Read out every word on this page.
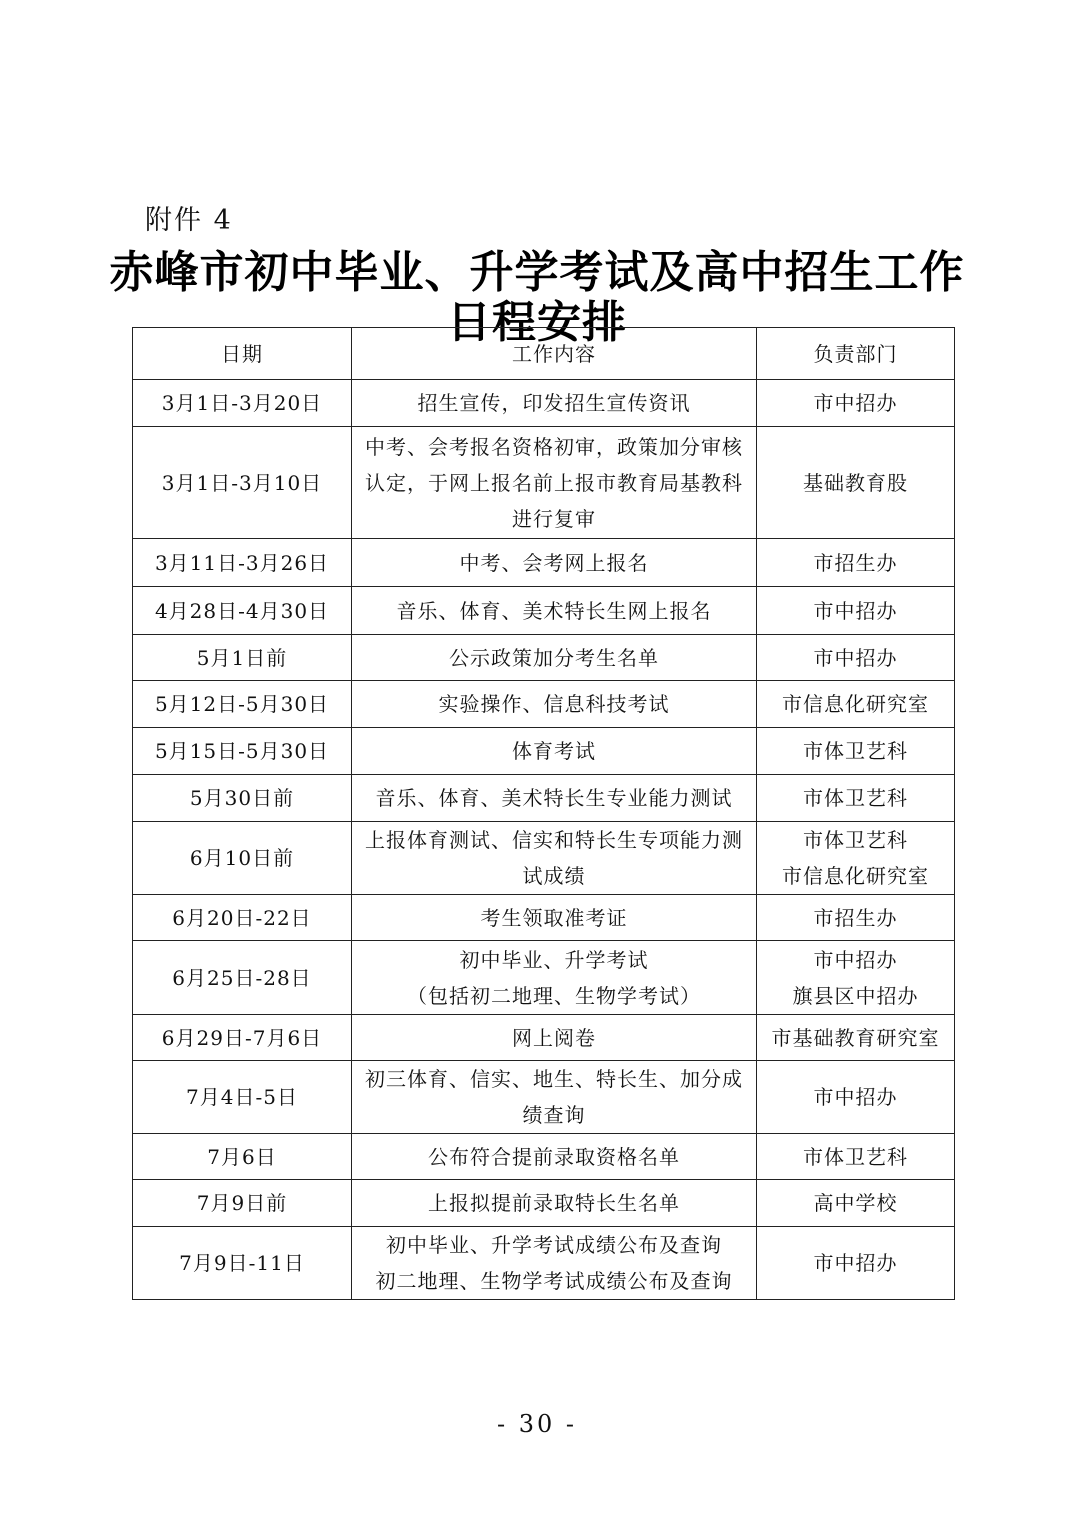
附件 4
赤峰市初中毕业、升学考试及高中招生工作
日程安排
日期	工作内容	负责部门
3月1日-3月20日	招生宣传，印发招生宣传资讯	市中招办

3月1日-3月10日	中考、会考报名资格初审，政策加分审核
认定，于网上报名前上报市教育局基教科
进行复审	基础教育股

3月11日-3月26日	中考、会考网上报名	市招生办

4月28日-4月30日	音乐、体育、美术特长生网上报名	市中招办

5月1日前	公示政策加分考生名单	市中招办

5月12日-5月30日	实验操作、信息科技考试	市信息化研究室

5月15日-5月30日	体育考试	市体卫艺科

5月30日前	音乐、体育、美术特长生专业能力测试	市体卫艺科

6月10日前	上报体育测试、信实和特长生专项能力测
试成绩	市体卫艺科
市信息化研究室

6月20日-22日	考生领取准考证	市招生办

6月25日-28日	初中毕业、升学考试
（包括初二地理、生物学考试）	市中招办
旗县区中招办

6月29日-7月6日	网上阅卷	市基础教育研究室

7月4日-5日	初三体育、信实、地生、特长生、加分成
绩查询	市中招办

7月6日	公布符合提前录取资格名单	市体卫艺科

7月9日前	上报拟提前录取特长生名单	高中学校

7月9日-11日	初中毕业、升学考试成绩公布及查询
初二地理、生物学考试成绩公布及查询	市中招办
- 30 -
